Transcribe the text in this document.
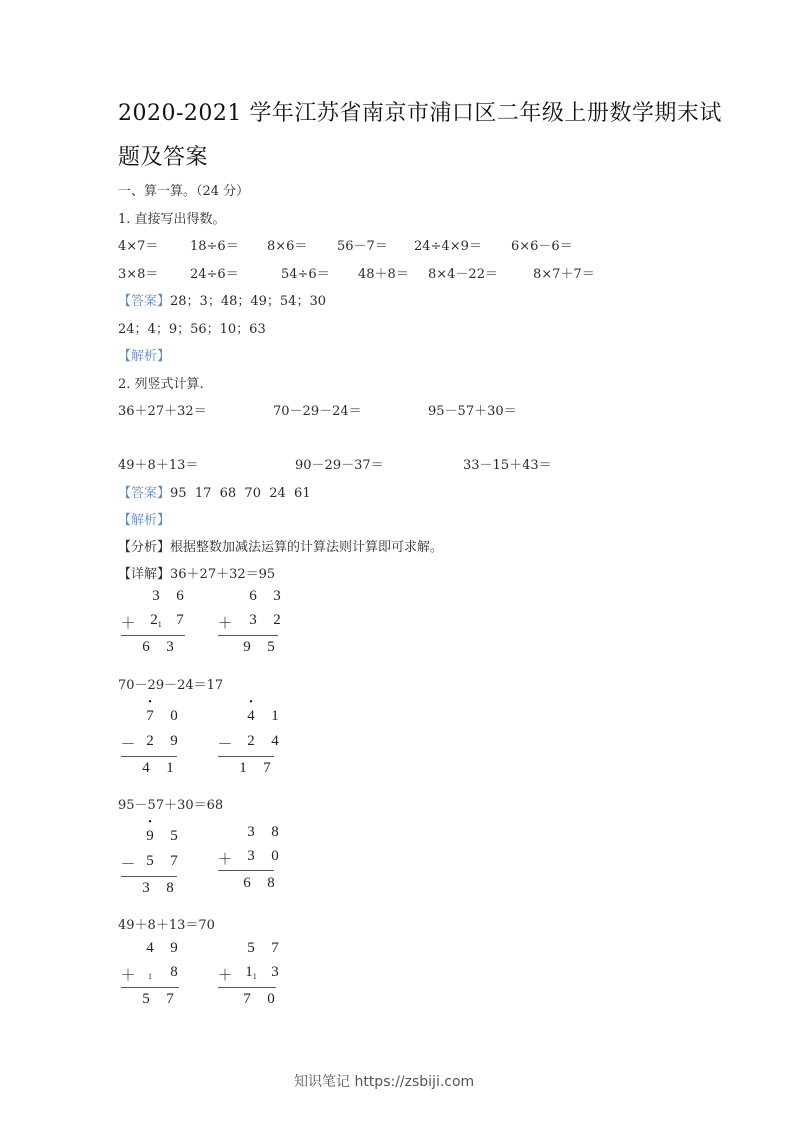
2020-2021 学年江苏省南京市浦口区二年级上册数学期末试
题及答案
一、算一算。（24 分）
1. 直接写出得数。
4×7＝ 18÷6＝ 8×6＝ 56－7＝ 24÷4×9＝ 6×6－6＝
3×8＝ 24÷6＝	54÷6＝ 48＋8＝ 8×4－22＝	8×7＋7＝
【答案】28；3；48；49；54；30
24；4；9；56；10；63
【解析】
2. 列竖式计算.
36＋27＋32＝	70－29－24＝	95－57＋30＝
49＋8＋13＝	90－29－37＝	33－15＋43＝
【答案】95  17  68  70  24  61
【解析】
【分析】根据整数加减法运算的计算法则计算即可求解。
【详解】36＋27＋32＝95
3	6
＋ $2_1$ 7
6	3
6	3
＋	3	2
9	5
70－29－24＝17
•
7	0
－ 2	9
4	1
•
4	1
－ 2	4
1	7
95－57＋30＝68
•
9	5
－ 5	7
3	8
3	8
＋ 3	0
6	8
49＋8＋13＝70
4	9
＋	$_1$	8
5	7
5	7
＋ $1_1$ 3
7	0
知识笔记 https://zsbiji.com
